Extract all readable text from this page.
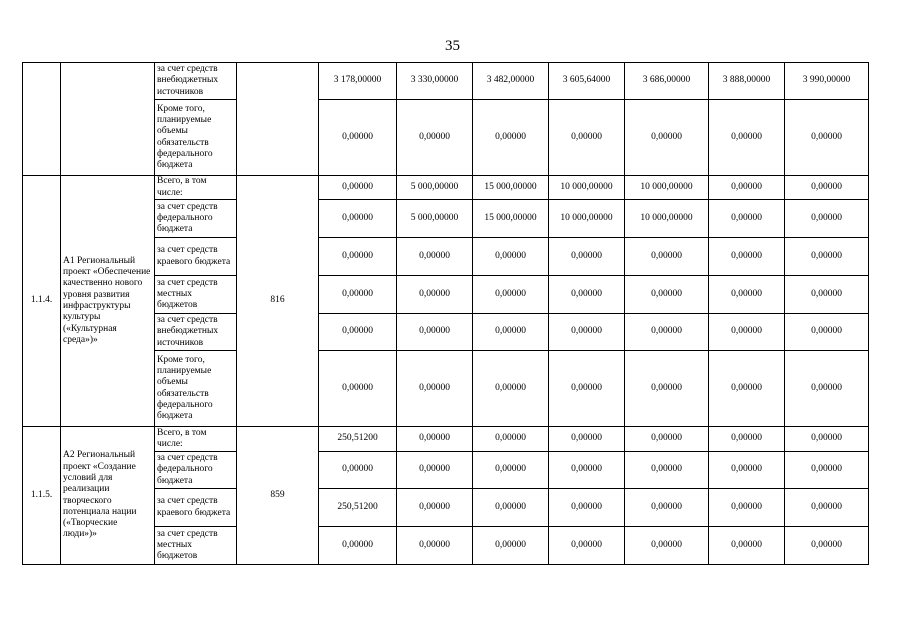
35
		за счет средств внебюджетных источников		3 178,00000	3 330,00000	3 482,00000	3 605,64000	3 686,00000	3 888,00000	3 990,00000
		Кроме того, планируемые объемы обязательств федерального бюджета		0,00000	0,00000	0,00000	0,00000	0,00000	0,00000	0,00000
1.1.4.	А1 Региональный проект «Обеспечение качественно нового уровня развития инфраструктуры культуры («Культурная среда»)»	Всего, в том числе:	816	0,00000	5 000,00000	15 000,00000	10 000,00000	10 000,00000	0,00000	0,00000
		за счет средств федерального бюджета		0,00000	5 000,00000	15 000,00000	10 000,00000	10 000,00000	0,00000	0,00000
		за счет средств краевого бюджета		0,00000	0,00000	0,00000	0,00000	0,00000	0,00000	0,00000
		за счет средств местных бюджетов		0,00000	0,00000	0,00000	0,00000	0,00000	0,00000	0,00000
		за счет средств внебюджетных источников		0,00000	0,00000	0,00000	0,00000	0,00000	0,00000	0,00000
		Кроме того, планируемые объемы обязательств федерального бюджета		0,00000	0,00000	0,00000	0,00000	0,00000	0,00000	0,00000
1.1.5.	А2 Региональный проект «Создание условий для реализации творческого потенциала нации («Творческие люди»)»	Всего, в том числе:	859	250,51200	0,00000	0,00000	0,00000	0,00000	0,00000	0,00000
		за счет средств федерального бюджета		0,00000	0,00000	0,00000	0,00000	0,00000	0,00000	0,00000
		за счет средств краевого бюджета		250,51200	0,00000	0,00000	0,00000	0,00000	0,00000	0,00000
		за счет средств местных бюджетов		0,00000	0,00000	0,00000	0,00000	0,00000	0,00000	0,00000
